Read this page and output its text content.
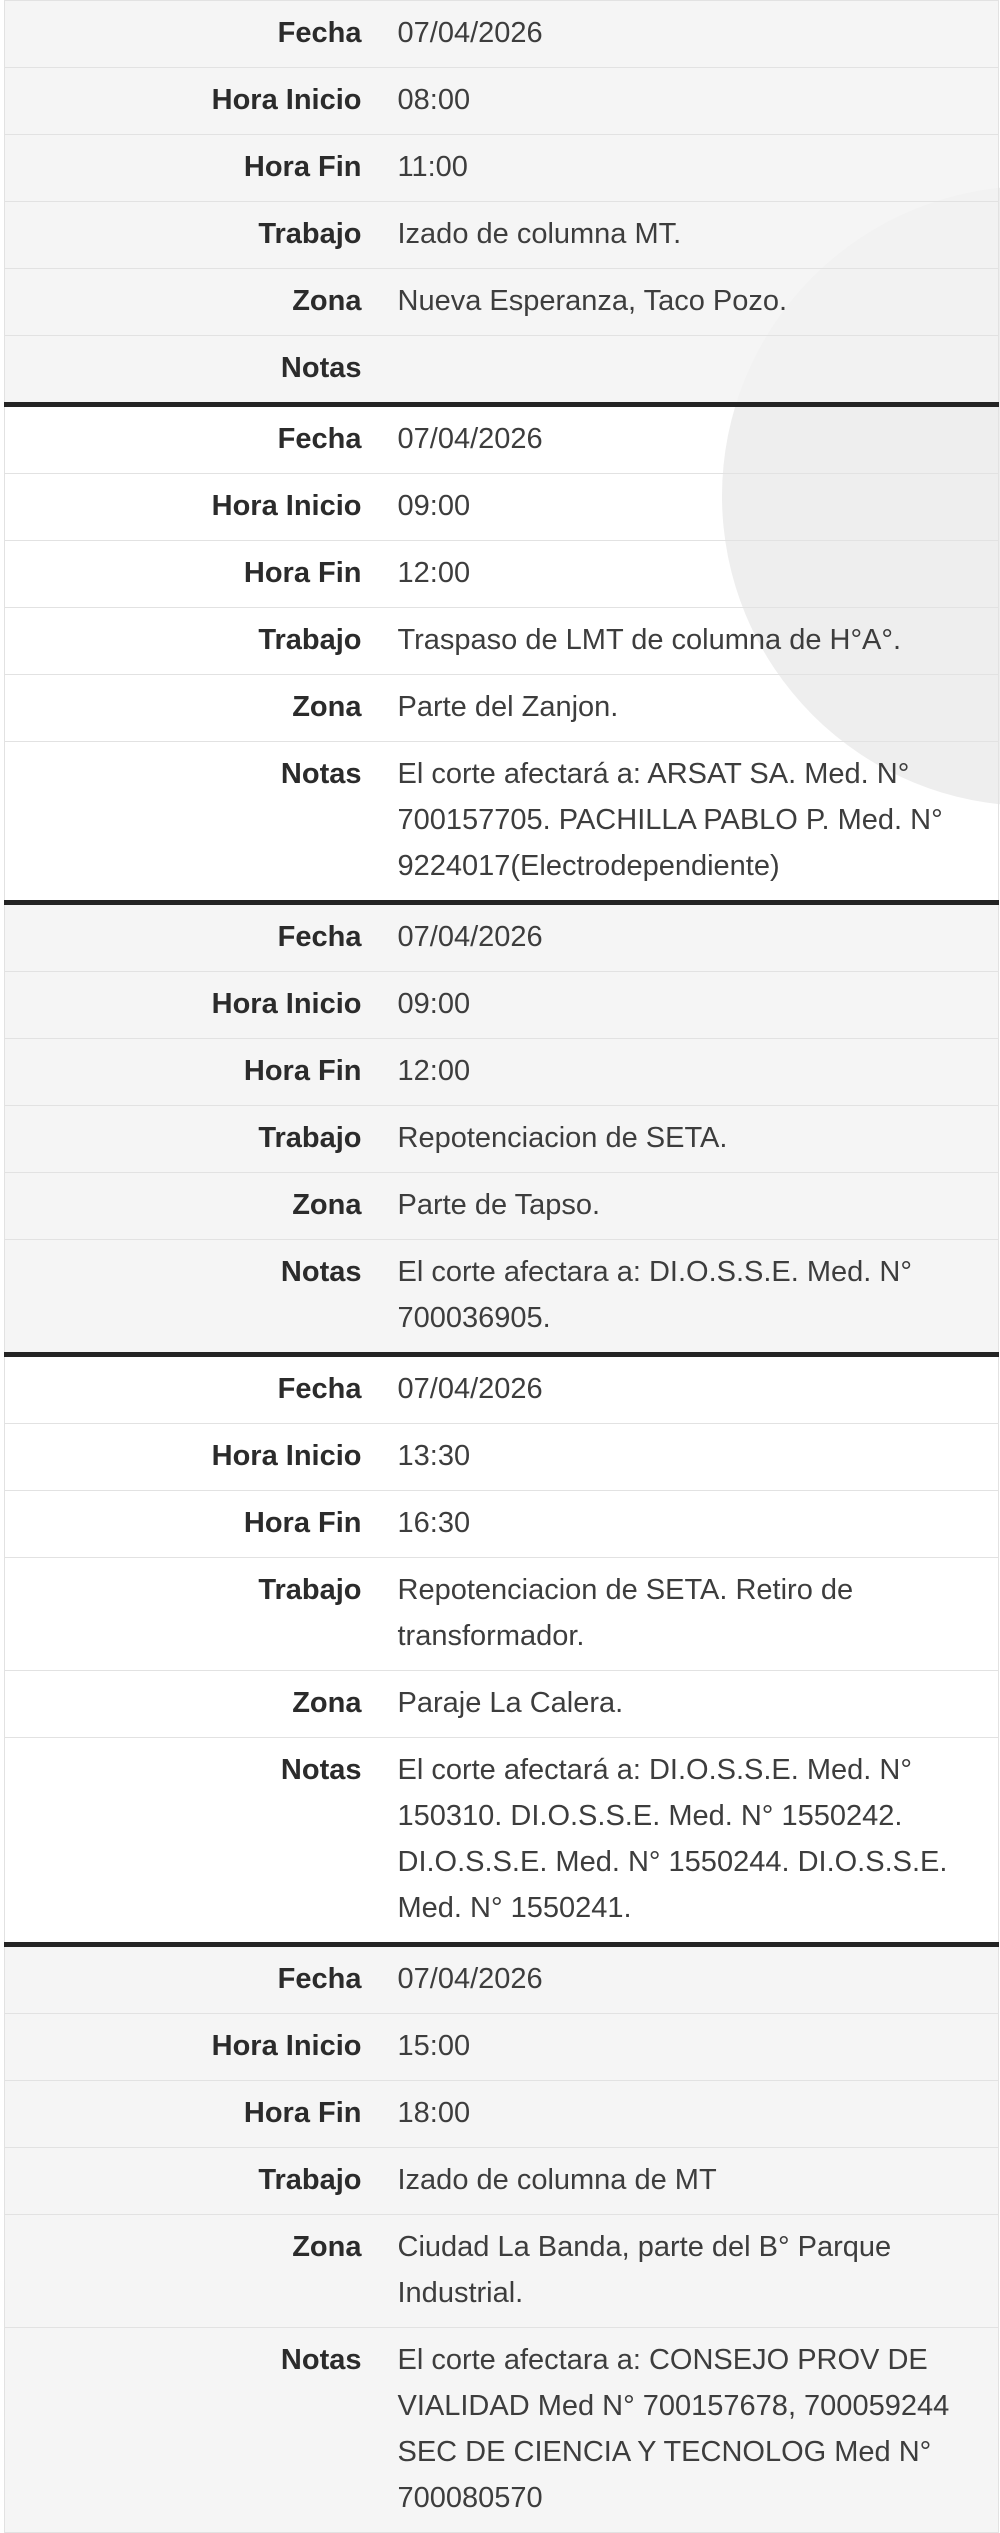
Fecha	07/04/2026
Hora Inicio	08:00
Hora Fin	11:00
Trabajo	Izado de columna MT.
Zona	Nueva Esperanza, Taco Pozo.
Notas	
Fecha	07/04/2026
Hora Inicio	09:00
Hora Fin	12:00
Trabajo	Traspaso de LMT de columna de H°A°.
Zona	Parte del Zanjon.
Notas	El corte afectará a: ARSAT SA. Med. N° 700157705. PACHILLA PABLO P. Med. N° 9224017(Electrodependiente)
Fecha	07/04/2026
Hora Inicio	09:00
Hora Fin	12:00
Trabajo	Repotenciacion de SETA.
Zona	Parte de Tapso.
Notas	El corte afectara a: DI.O.S.S.E. Med. N° 700036905.
Fecha	07/04/2026
Hora Inicio	13:30
Hora Fin	16:30
Trabajo	Repotenciacion de SETA. Retiro de transformador.
Zona	Paraje La Calera.
Notas	El corte afectará a: DI.O.S.S.E. Med. N° 150310. DI.O.S.S.E. Med. N° 1550242. DI.O.S.S.E. Med. N° 1550244. DI.O.S.S.E. Med. N° 1550241.
Fecha	07/04/2026
Hora Inicio	15:00
Hora Fin	18:00
Trabajo	Izado de columna de MT
Zona	Ciudad La Banda, parte del B° Parque Industrial.
Notas	El corte afectara a: CONSEJO PROV DE VIALIDAD Med N° 700157678, 700059244 SEC DE CIENCIA Y TECNOLOG Med N° 700080570
